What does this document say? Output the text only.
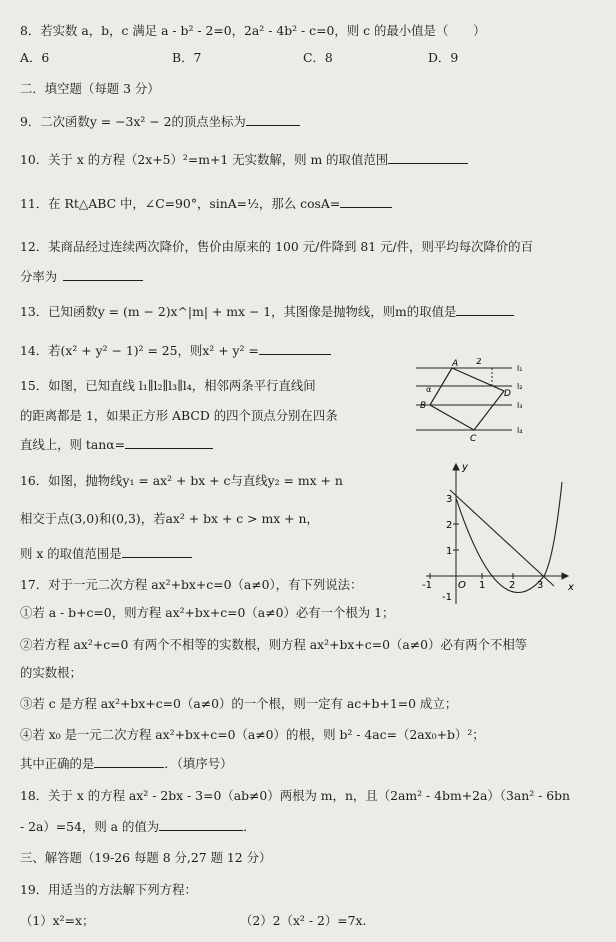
8．若实数 a，b，c 满足 a - b² - 2=0，2a² - 4b² - c=0，则 c 的最小值是（　　）
A．6	B．7	C．8	D．9
二．填空题（每题 3 分）
9．二次函数y = −3x² − 2的顶点坐标为
10．关于 x 的方程（2x+5）²=m+1 无实数解，则 m 的取值范围
11．在 Rt△ABC 中，∠C=90°，sinA=½，那么 cosA=
12．某商品经过连续两次降价，售价由原来的 100 元/件降到 81 元/件，则平均每次降价的百
分率为
13．已知函数y = (m − 2)x^|m| + mx − 1，其图像是抛物线，则m的取值是
14．若(x² + y² − 1)² = 25，则x² + y² =
15．如图，已知直线 l₁∥l₂∥l₃∥l₄，相邻两条平行直线间
的距离都是 1，如果正方形 ABCD 的四个顶点分别在四条
直线上，则 tanα=
l₁
l₂
l₃
l₄
A 2
B
D
C
α
16．如图，抛物线y₁ = ax² + bx + c与直线y₂ = mx + n
相交于点(3,0)和(0,3)，若ax² + bx + c > mx + n，
则 x 的取值范围是
y
x
O
-1	1 2 3
3
2
1
-1
17．对于一元二次方程 ax²+bx+c=0（a≠0），有下列说法：
①若 a - b+c=0，则方程 ax²+bx+c=0（a≠0）必有一个根为 1；
②若方程 ax²+c=0 有两个不相等的实数根，则方程 ax²+bx+c=0（a≠0）必有两个不相等
的实数根；
③若 c 是方程 ax²+bx+c=0（a≠0）的一个根，则一定有 ac+b+1=0 成立；
④若 x₀ 是一元二次方程 ax²+bx+c=0（a≠0）的根，则 b² - 4ac=（2ax₀+b）²；
其中正确的是	．（填序号）
18．关于 x 的方程 ax² - 2bx - 3=0（ab≠0）两根为 m，n，且（2am² - 4bm+2a）（3an² - 6bn
- 2a）=54，则 a 的值为	．
三、解答题（19-26 每题 8 分,27 题 12 分）
19．用适当的方法解下列方程：
（1）x²=x；	（2）2（x² - 2）=7x.
